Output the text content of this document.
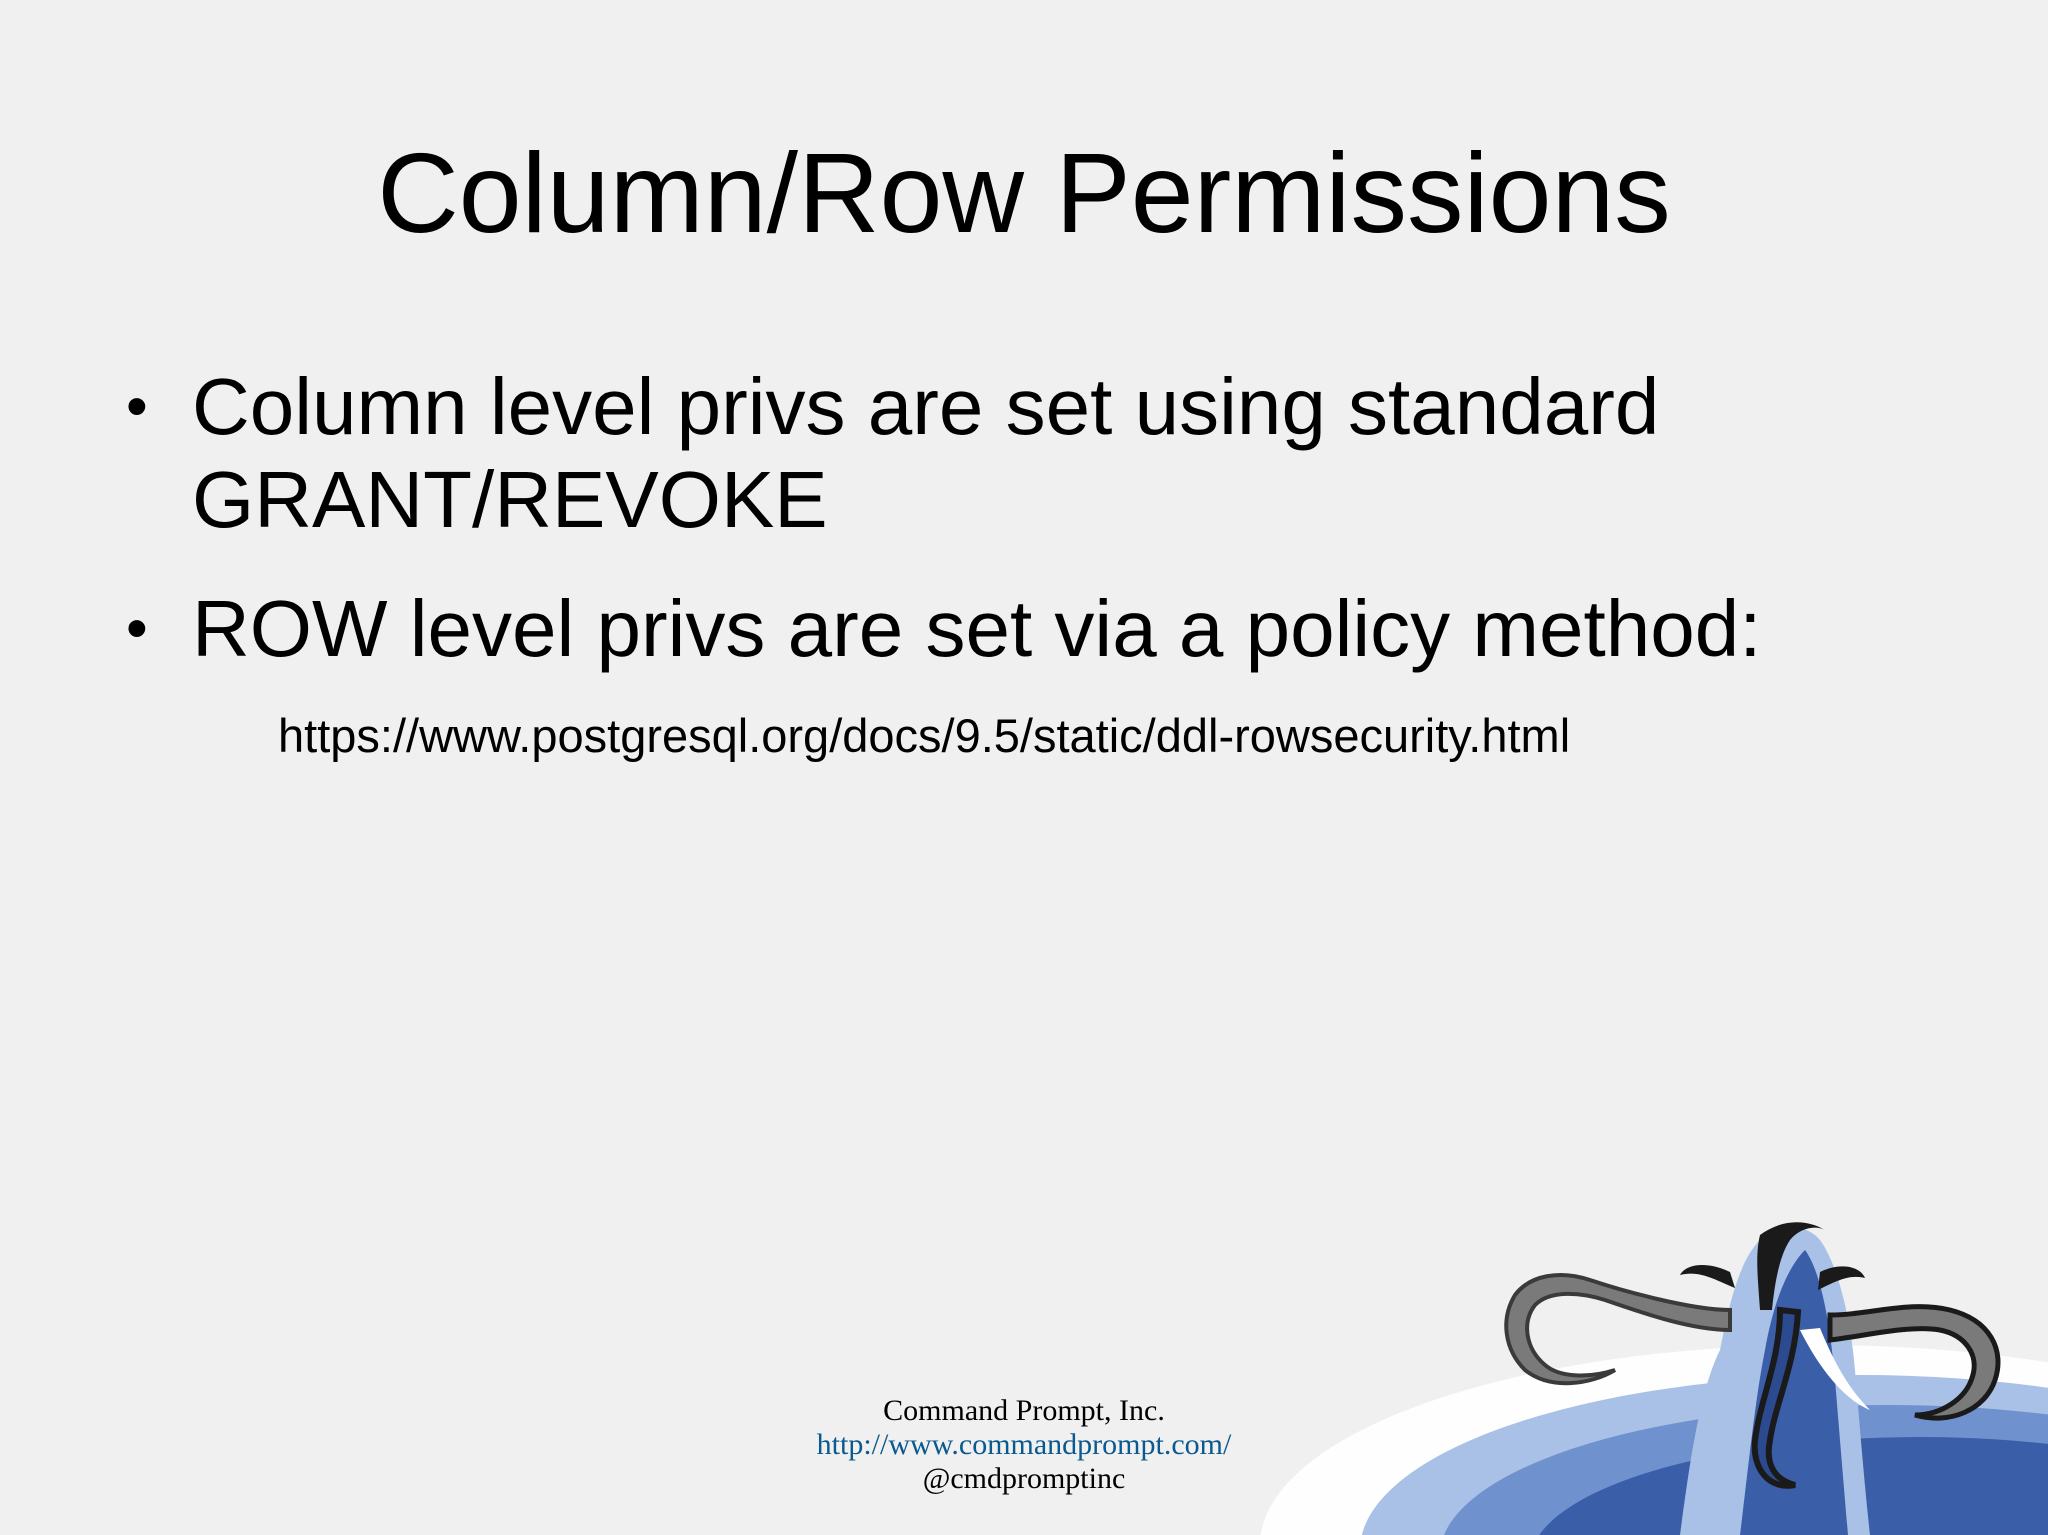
Column/Row Permissions
• Column level privs are set using standard
GRANT/REVOKE
• ROW level privs are set via a policy method:
https://www.postgresql.org/docs/9.5/static/ddl-rowsecurity.html
Command Prompt, Inc.
http://www.commandprompt.com/
@cmdpromptinc
